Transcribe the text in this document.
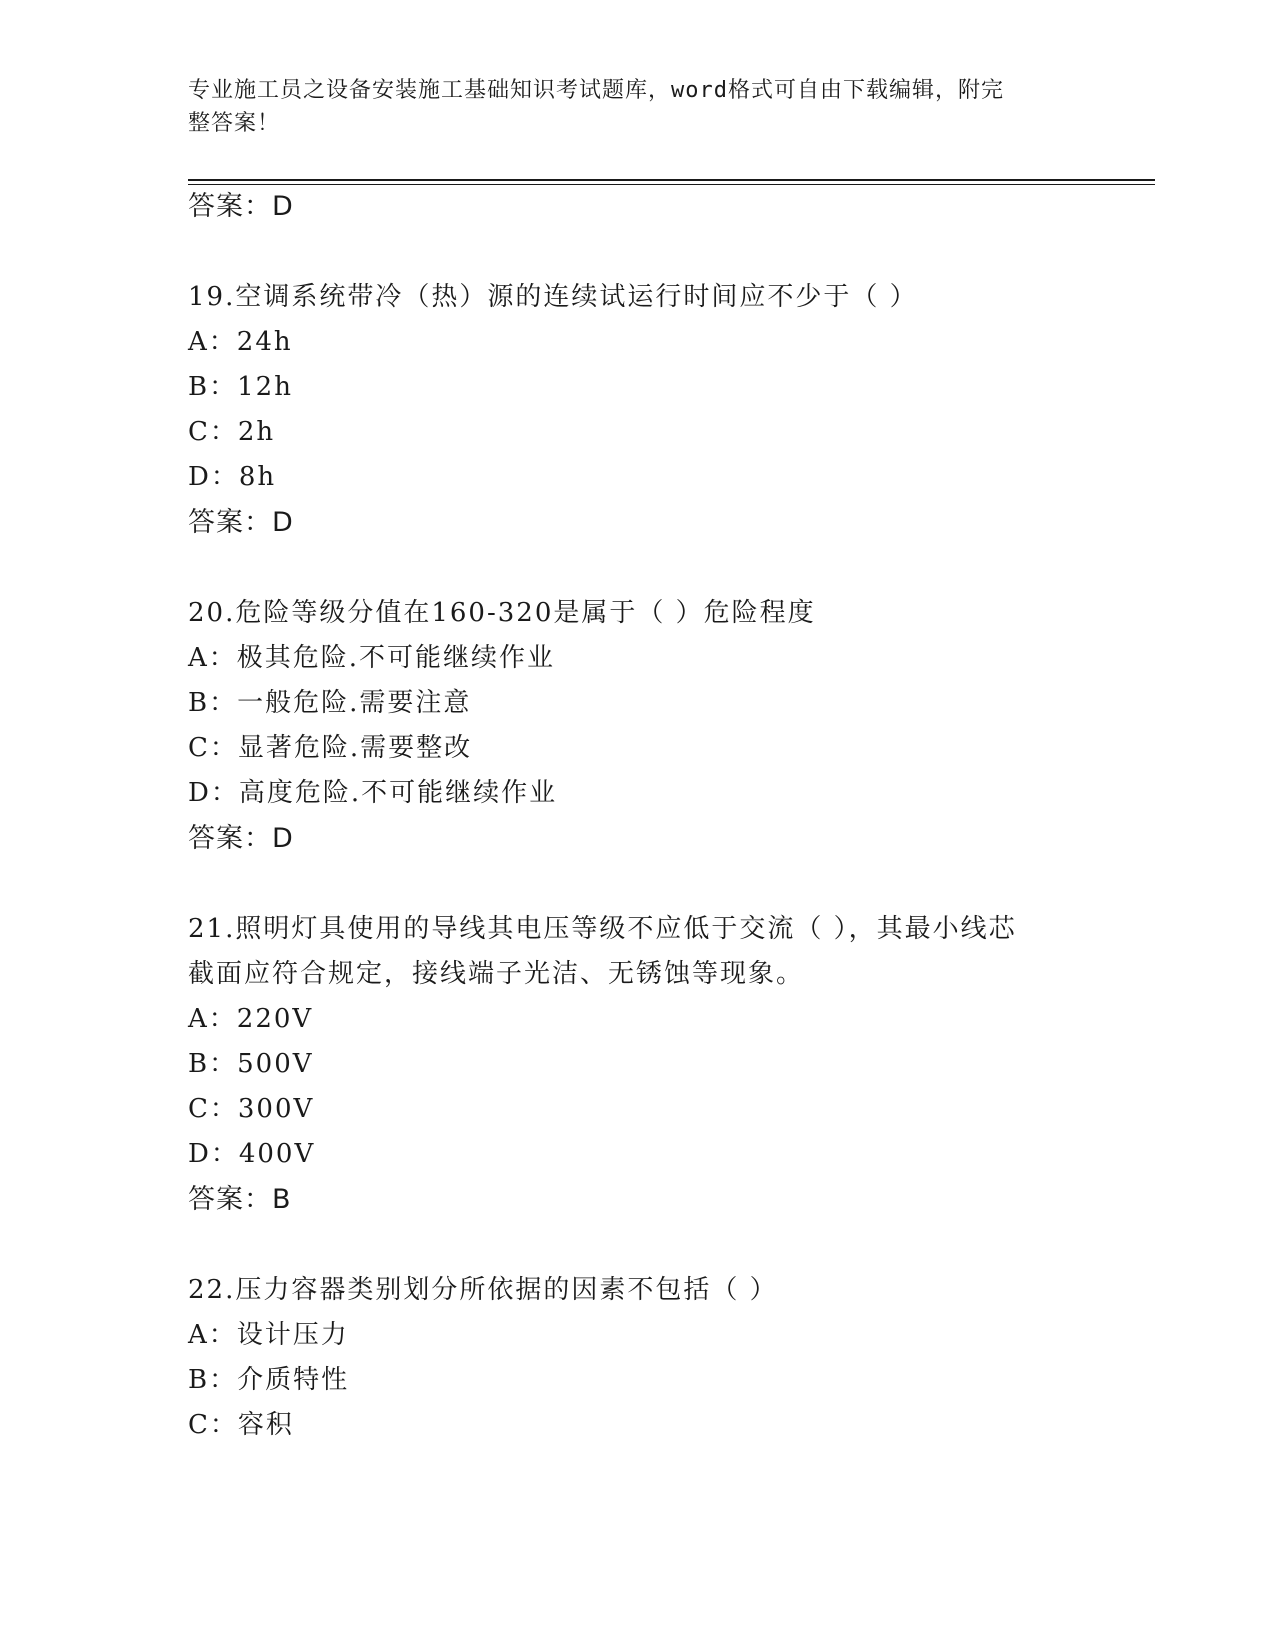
专业施工员之设备安装施工基础知识考试题库，word格式可自由下载编辑，附完
整答案！
答案：D
19.空调系统带冷（热）源的连续试运行时间应不少于（ ）
A：24h
B：12h
C：2h
D：8h
答案：D
20.危险等级分值在160-320是属于（ ）危险程度
A：极其危险.不可能继续作业
B：一般危险.需要注意
C：显著危险.需要整改
D：高度危险.不可能继续作业
答案：D
21.照明灯具使用的导线其电压等级不应低于交流（ ），其最小线芯
截面应符合规定，接线端子光洁、无锈蚀等现象。
A：220V
B：500V
C：300V
D：400V
答案：B
22.压力容器类别划分所依据的因素不包括（ ）
A：设计压力
B：介质特性
C：容积
